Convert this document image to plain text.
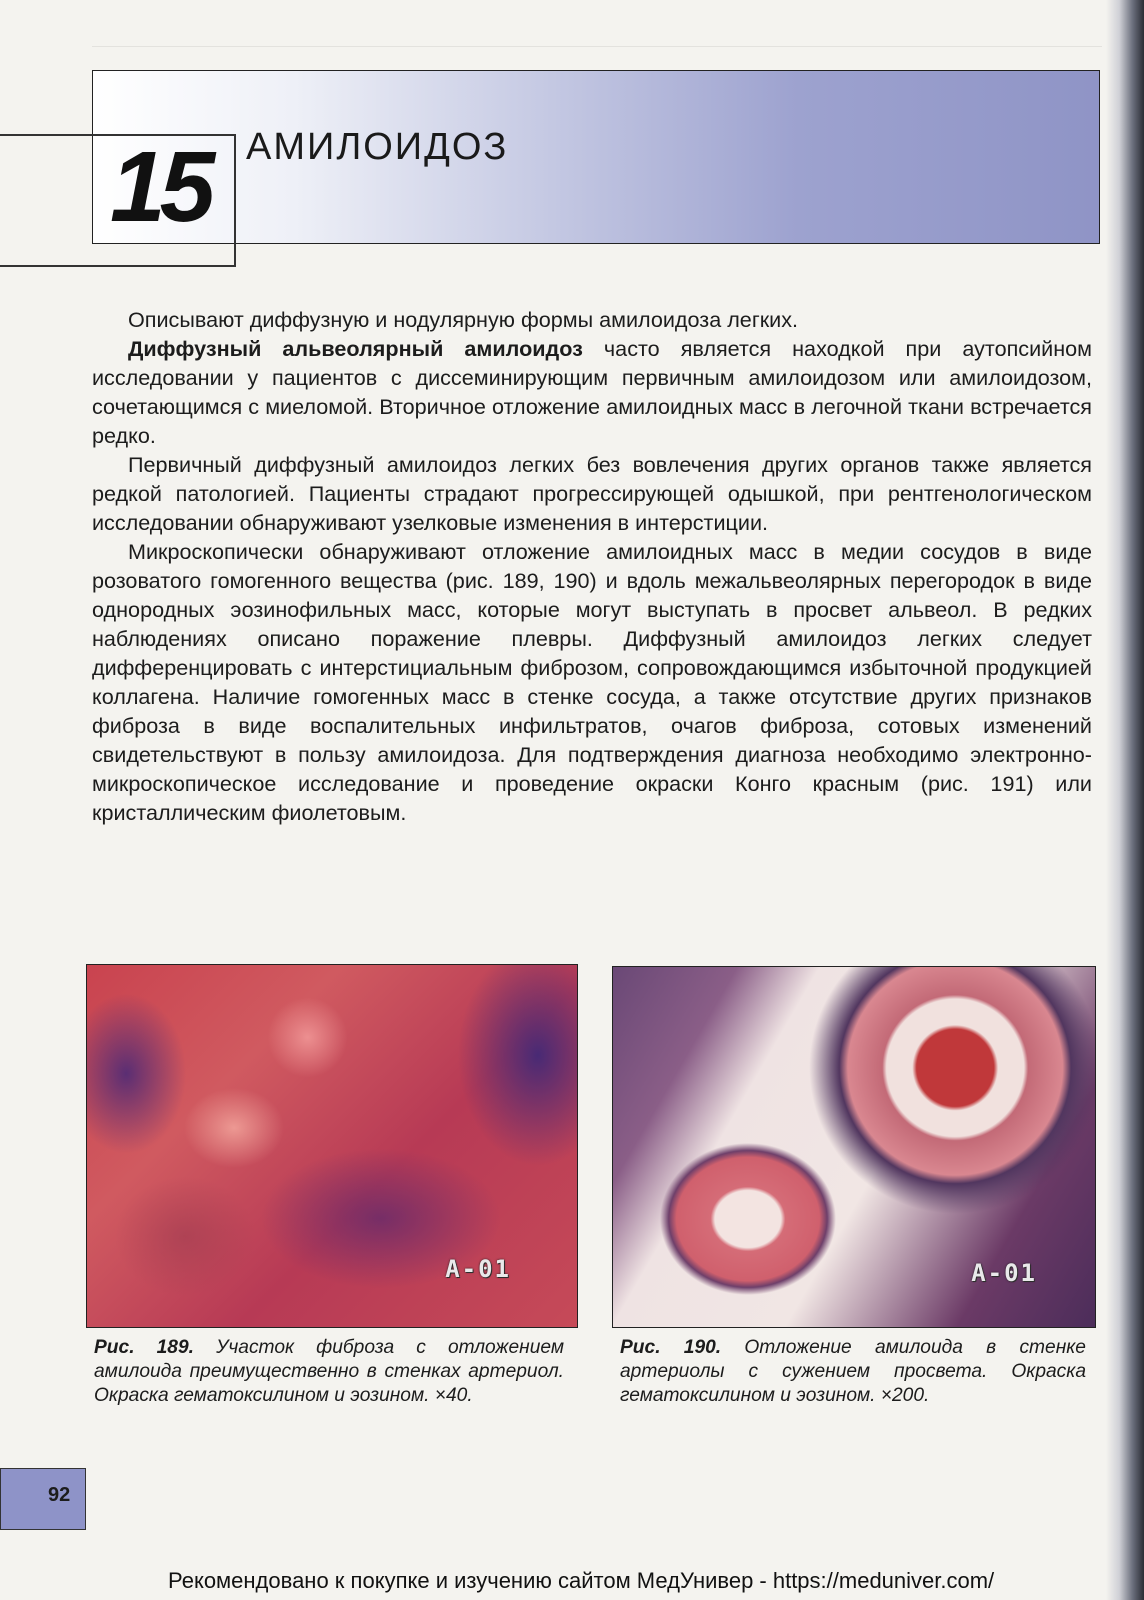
15 АМИЛОИДОЗ

Описывают диффузную и нодулярную формы амилоидоза легких.

Диффузный альвеолярный амилоидоз часто является находкой при аутопсийном исследовании у пациентов с диссеминирующим первичным амилоидозом или амилоидозом, сочетающимся с миеломой. Вторичное отложение амилоидных масс в легочной ткани встречается редко.

Первичный диффузный амилоидоз легких без вовлечения других органов также является редкой патологией. Пациенты страдают прогрессирующей одышкой, при рентгенологическом исследовании обнаруживают узелковые изменения в интерстиции.

Микроскопически обнаруживают отложение амилоидных масс в медии сосудов в виде розоватого гомогенного вещества (рис. 189, 190) и вдоль межальвеолярных перегородок в виде однородных эозинофильных масс, которые могут выступать в просвет альвеол. В редких наблюдениях описано поражение плевры. Диффузный амилоидоз легких следует дифференцировать с интерстициальным фиброзом, сопровождающимся избыточной продукцией коллагена. Наличие гомогенных масс в стенке сосуда, а также отсутствие других признаков фиброза в виде воспалительных инфильтратов, очагов фиброза, сотовых изменений свидетельствуют в пользу амилоидоза. Для подтверждения диагноза необходимо электронно-микроскопическое исследование и проведение окраски Конго красным (рис. 191) или кристаллическим фиолетовым.

A-01	A-01
Рис. 189. Участок фиброза с отложением амилоида преимущественно в стенках артериол. Окраска гематоксилином и эозином. ×40.
Рис. 190. Отложение амилоида в стенке артериолы с сужением просвета. Окраска гематоксилином и эозином. ×200.
92
Рекомендовано к покупке и изучению сайтом МедУнивер - https://meduniver.com/
